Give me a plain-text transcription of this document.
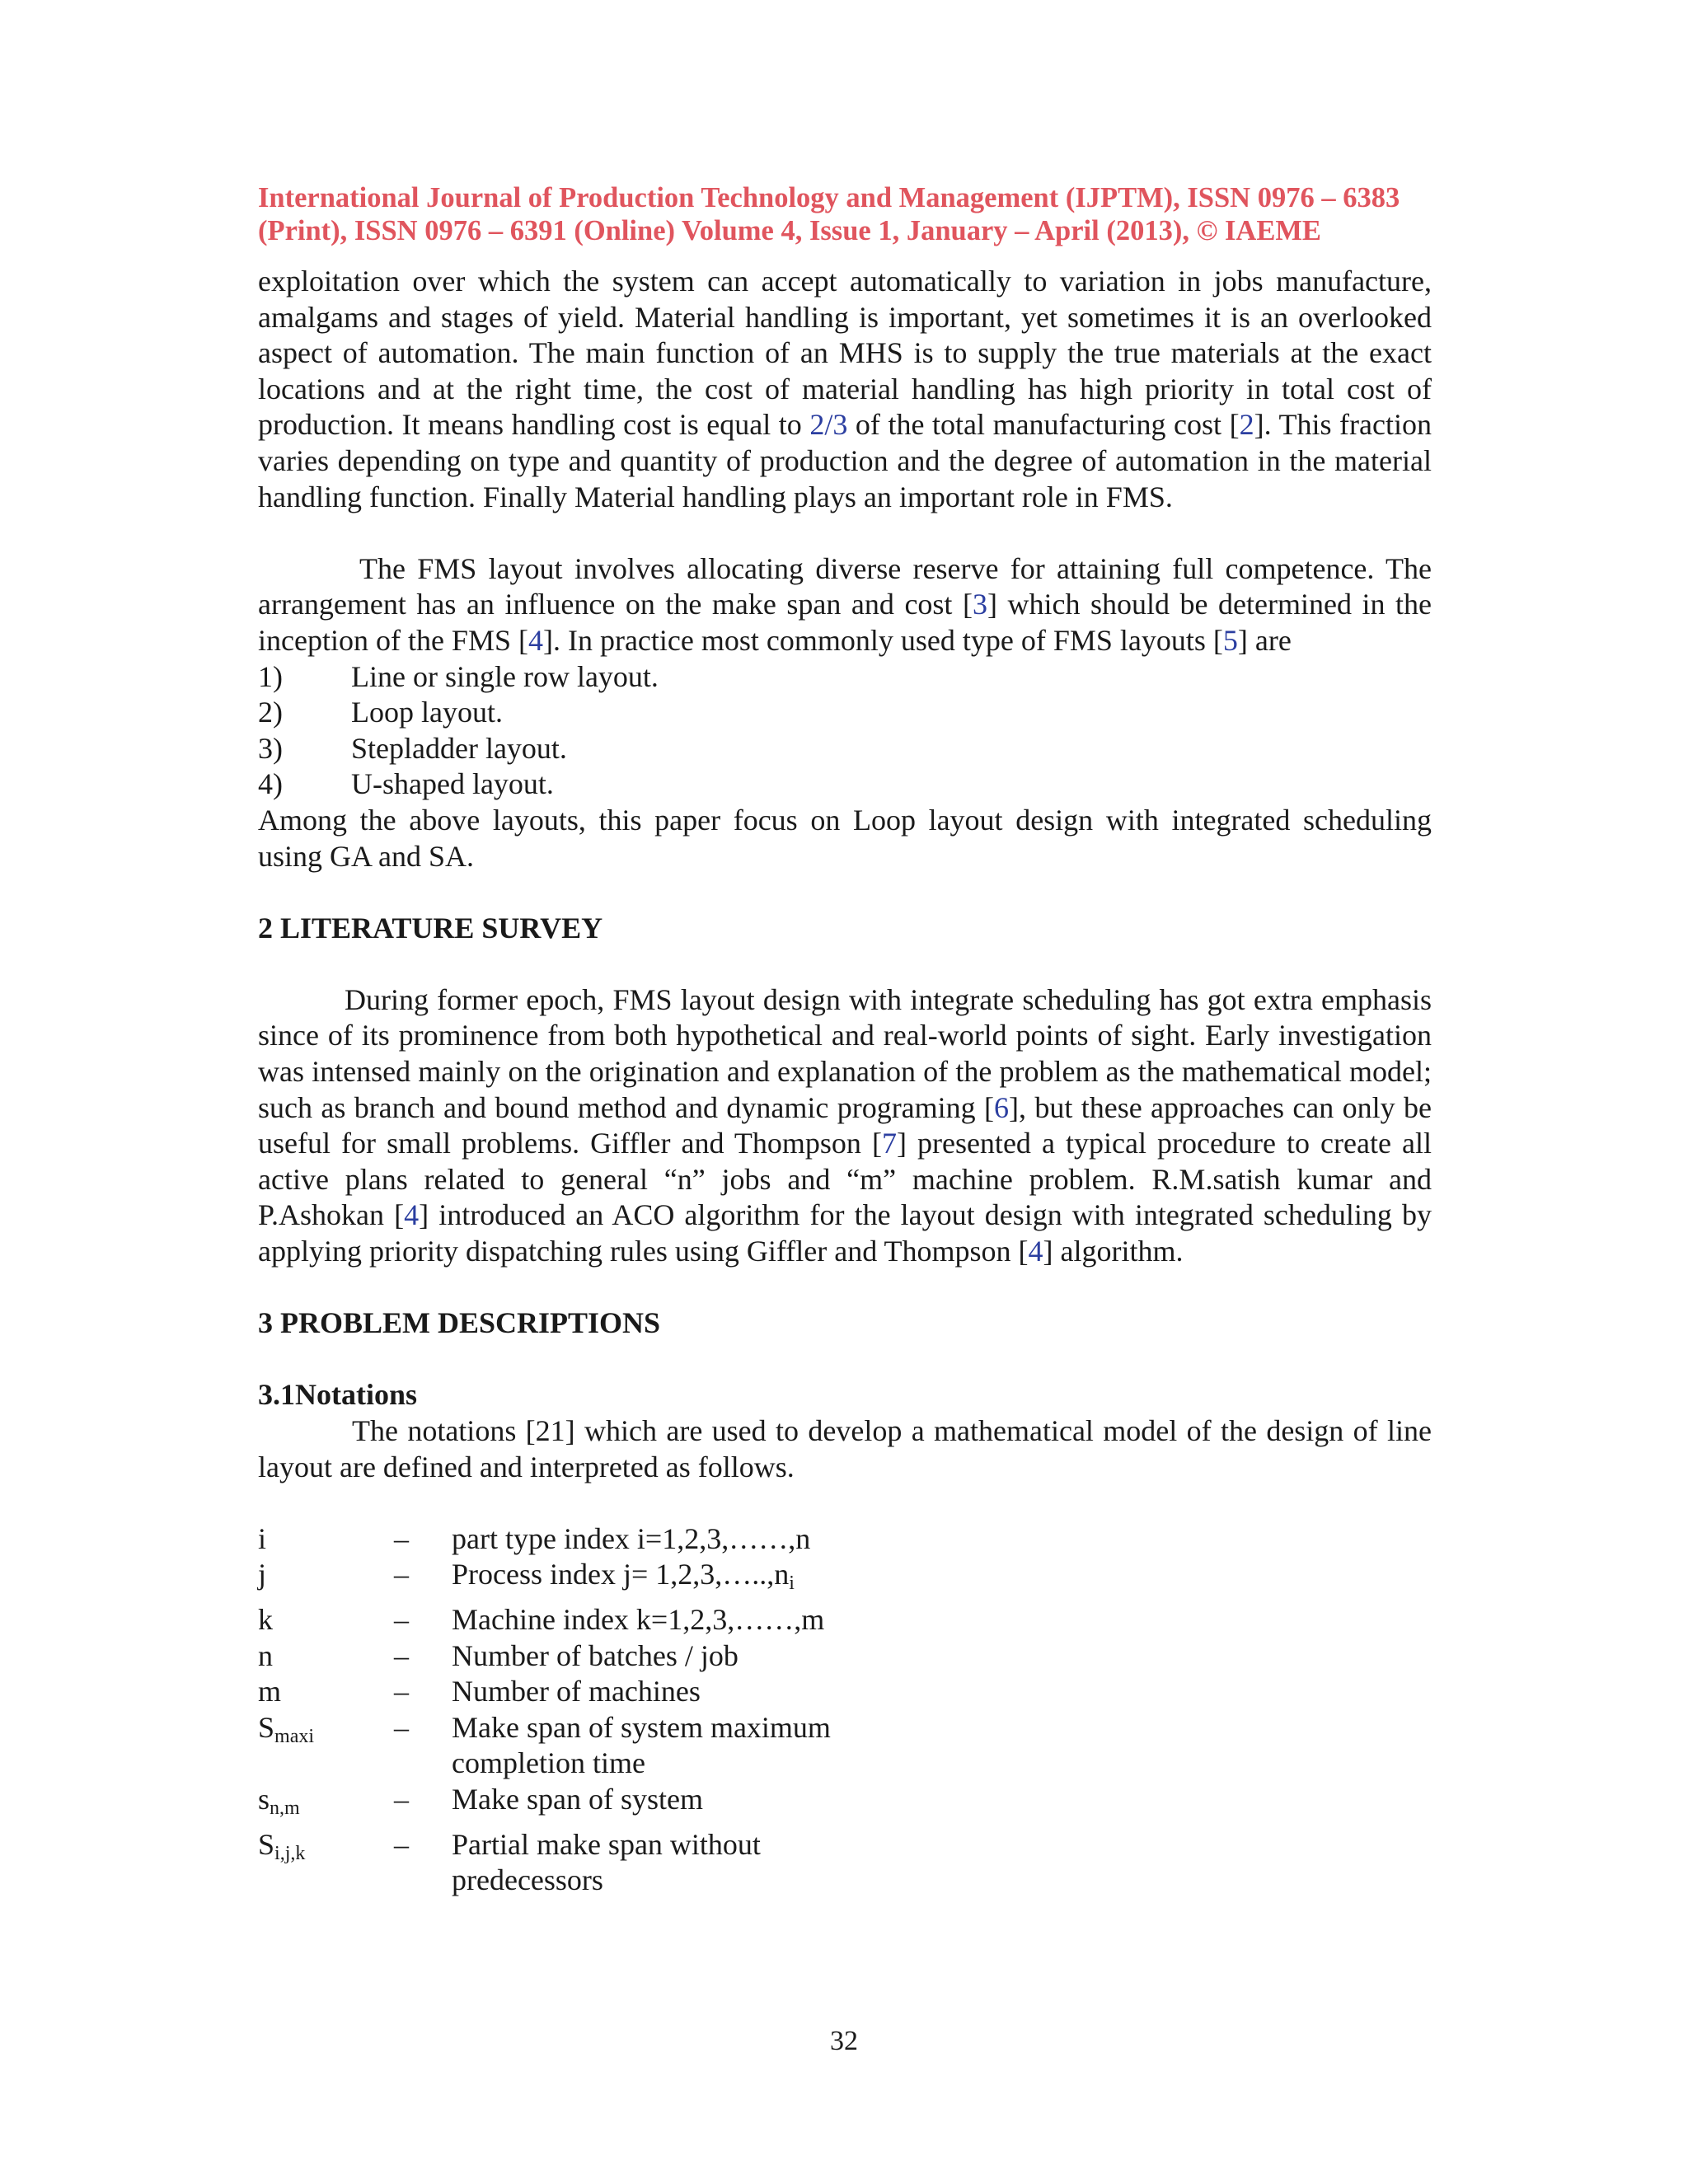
International Journal of Production Technology and Management (IJPTM), ISSN 0976 – 6383
(Print), ISSN 0976 – 6391 (Online) Volume 4, Issue 1, January – April (2013), © IAEME

exploitation over which the system can accept automatically to variation in jobs manufacture, amalgams and stages of yield. Material handling is important, yet sometimes it is an overlooked aspect of automation. The main function of an MHS is to supply the true materials at the exact locations and at the right time, the cost of material handling has high priority in total cost of production. It means handling cost is equal to 2/3 of the total manufacturing cost [2]. This fraction varies depending on type and quantity of production and the degree of automation in the material handling function. Finally Material handling plays an important role in FMS.

The FMS layout involves allocating diverse reserve for attaining full competence. The arrangement has an influence on the make span and cost [3] which should be determined in the inception of the FMS [4]. In practice most commonly used type of FMS layouts [5] are

1)	Line or single row layout.
2)	Loop layout.
3)	Stepladder layout.
4)	U-shaped layout.

Among the above layouts, this paper focus on Loop layout design with integrated scheduling using GA and SA.

2 LITERATURE SURVEY

During former epoch, FMS layout design with integrate scheduling has got extra emphasis since of its prominence from both hypothetical and real-world points of sight. Early investigation was intensed mainly on the origination and explanation of the problem as the mathematical model; such as branch and bound method and dynamic programing [6], but these approaches can only be useful for small problems. Giffler and Thompson [7] presented a typical procedure to create all active plans related to general “n” jobs and “m” machine problem. R.M.satish kumar and P.Ashokan [4] introduced an ACO algorithm for the layout design with integrated scheduling by applying priority dispatching rules using Giffler and Thompson [4] algorithm.

3 PROBLEM DESCRIPTIONS

3.1Notations

The notations [21] which are used to develop a mathematical model of the design of line layout are defined and interpreted as follows.

i	–	part type index i=1,2,3,……,n
j	–	Process index $j= 1,2,3,\dots..,n_i$
k	–	Machine index k=1,2,3,……,m
n	–	Number of batches / job
m	–	Number of machines
$S_{maxi}$	–	Make span of system maximum completion time
$s_{n,m}$	–	Make span of system
$S_{i,j,k}$	–	Partial make span without predecessors
32
